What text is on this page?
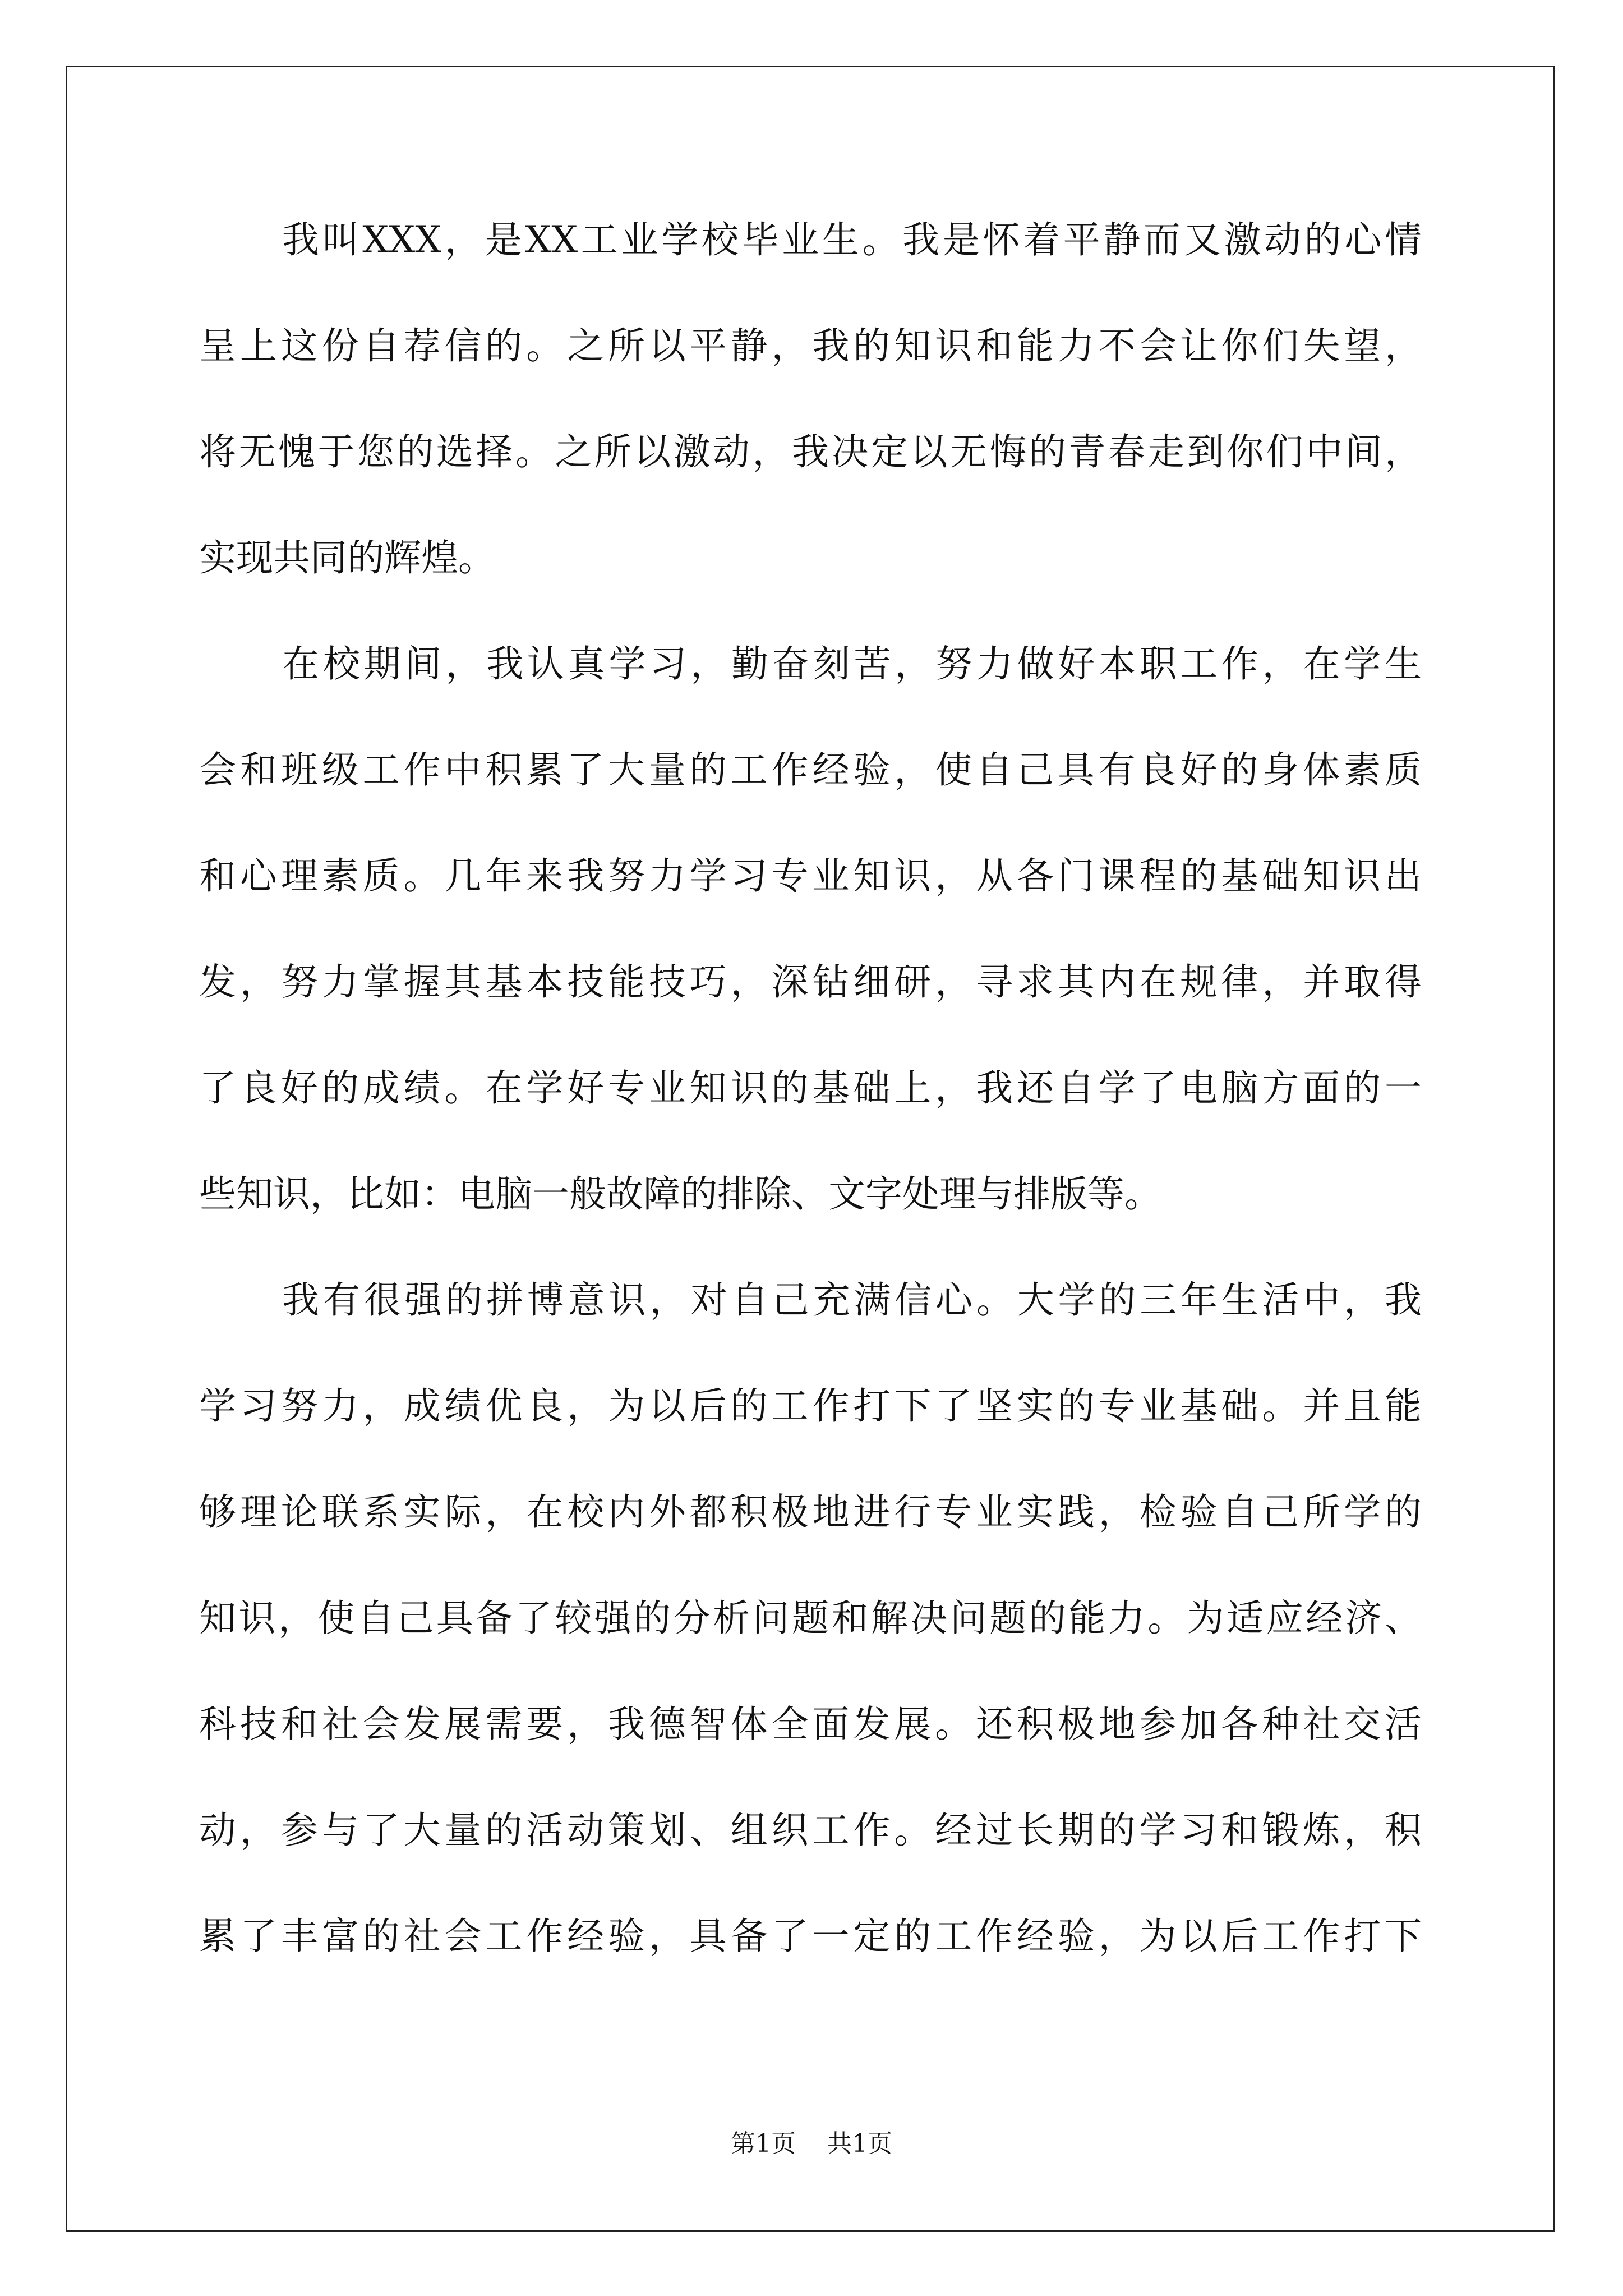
我叫XXX，是XX工业学校毕业生。我是怀着平静而又激动的心情
呈上这份自荐信的。之所以平静，我的知识和能力不会让你们失望，
将无愧于您的选择。之所以激动，我决定以无悔的青春走到你们中间，
实现共同的辉煌。
在校期间，我认真学习，勤奋刻苦，努力做好本职工作，在学生
会和班级工作中积累了大量的工作经验，使自己具有良好的身体素质
和心理素质。几年来我努力学习专业知识，从各门课程的基础知识出
发，努力掌握其基本技能技巧，深钻细研，寻求其内在规律，并取得
了良好的成绩。在学好专业知识的基础上，我还自学了电脑方面的一
些知识，比如：电脑一般故障的排除、文字处理与排版等。
我有很强的拼博意识，对自己充满信心。大学的三年生活中，我
学习努力，成绩优良，为以后的工作打下了坚实的专业基础。并且能
够理论联系实际，在校内外都积极地进行专业实践，检验自己所学的
知识，使自己具备了较强的分析问题和解决问题的能力。为适应经济、
科技和社会发展需要，我德智体全面发展。还积极地参加各种社交活
动，参与了大量的活动策划、组织工作。经过长期的学习和锻炼，积
累了丰富的社会工作经验，具备了一定的工作经验，为以后工作打下
第1页 共1页
